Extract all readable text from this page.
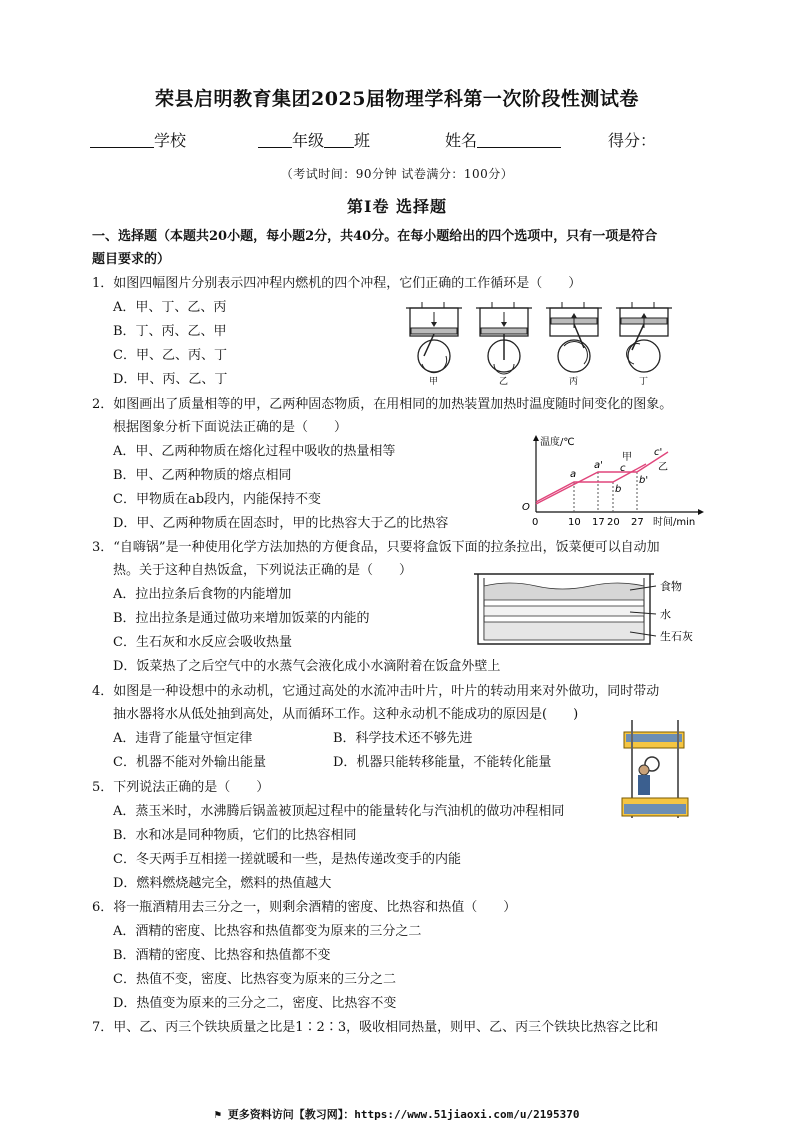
荣县启明教育集团2025届物理学科第一次阶段性测试卷
学校	年级 班	姓名	得分：
（考试时间：90分钟 试卷满分：100分）
第Ⅰ卷 选择题
一、选择题（本题共20小题，每小题2分，共40分。在每小题给出的四个选项中，只有一项是符合
题目要求的）
1．如图四幅图片分别表示四冲程内燃机的四个冲程，它们正确的工作循环是（　　）
A．甲、丁、乙、丙
B．丁、丙、乙、甲
C．甲、乙、丙、丁
D．甲、丙、乙、丁	甲	乙	丙	丁
2．如图画出了质量相等的甲，乙两种固态物质，在用相同的加热装置加热时温度随时间变化的图象。
根据图象分析下面说法正确的是（　　）
A．甲、乙两种物质在熔化过程中吸收的热量相等
B．甲、乙两种物质的熔点相同
C．甲物质在ab段内，内能保持不变
D．甲、乙两种物质在固态时，甲的比热容大于乙的比热容
温度/℃
O
时间/min
0	10 17 20 27
a
a'
b
b'
c
c'
甲
乙
3．“自嗨锅”是一种使用化学方法加热的方便食品，只要将盒饭下面的拉条拉出，饭菜便可以自动加
热。关于这种自热饭盒，下列说法正确的是（　　）
A．拉出拉条后食物的内能增加
B．拉出拉条是通过做功来增加饭菜的内能的
C．生石灰和水反应会吸收热量
D．饭菜热了之后空气中的水蒸气会液化成小水滴附着在饭盒外壁上
食物
水
生石灰
4．如图是一种设想中的永动机，它通过高处的水流冲击叶片，叶片的转动用来对外做功，同时带动
抽水器将水从低处抽到高处，从而循环工作。这种永动机不能成功的原因是(　　)
A．违背了能量守恒定律	B．科学技术还不够先进
C．机器不能对外输出能量	D．机器只能转移能量，不能转化能量
5．下列说法正确的是（　　）
A．蒸玉米时，水沸腾后锅盖被顶起过程中的能量转化与汽油机的做功冲程相同
B．水和冰是同种物质，它们的比热容相同
C．冬天两手互相搓一搓就暖和一些，是热传递改变手的内能
D．燃料燃烧越完全，燃料的热值越大
6．将一瓶酒精用去三分之一，则剩余酒精的密度、比热容和热值（　　）
A．酒精的密度、比热容和热值都变为原来的三分之二
B．酒精的密度、比热容和热值都不变
C．热值不变，密度、比热容变为原来的三分之二
D．热值变为原来的三分之二，密度、比热容不变
7．甲、乙、丙三个铁块质量之比是1∶2∶3，吸收相同热量，则甲、乙、丙三个铁块比热容之比和
⚑ 更多资料访问【教习网】：https://www.51jiaoxi.com/u/2195370
